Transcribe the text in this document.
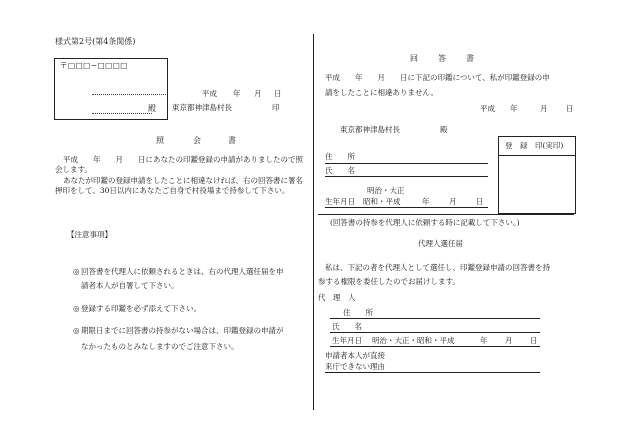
様式第2号(第4条関係)
〒□□□−□□□□
殿
平成 年 月 日
東京都神津島村長	印
照	会	書
平成　　年　　月　　日にあなたの印鑑登録の申請がありましたので照会します。
あなたが印鑑の登録申請をしたことに相違なければ、右の回答書に署名押印をして、30日以内にあなたご自身で村役場まで持参して下さい。
【注意事項】
◎ 回答書を代理人に依頼されるときは、右の代理人選任届を申
請者本人が自署して下さい。
◎ 登録する印鑑を必ず添えて下さい。
◎ 期限日までに回答書の持参がない場合は、印鑑登録の申請が
なかったものとみなしますのでご注意下さい。
回	答	書
平成　　年　　月　　日に下記の印鑑について、私が印鑑登録の申
請をしたことに相違ありません。
平成 年	月 日
東京都神津島村長	殿
登　録　印(実印)
住　　所
氏　　名
明治・大正
生年月日 昭和・平成	年	月	日
(回答書の持参を代理人に依頼する時に記載して下さい。)
代理人選任届
私は、下記の者を代理人として選任し、印鑑登録申請の回答書を持
参する権限を委任したのでお届けします。
代　理　人
住　　所
氏　　名
生年月日 明治・大正・昭和・平成	年 月 日
申請者本人が直接
来庁できない理由
